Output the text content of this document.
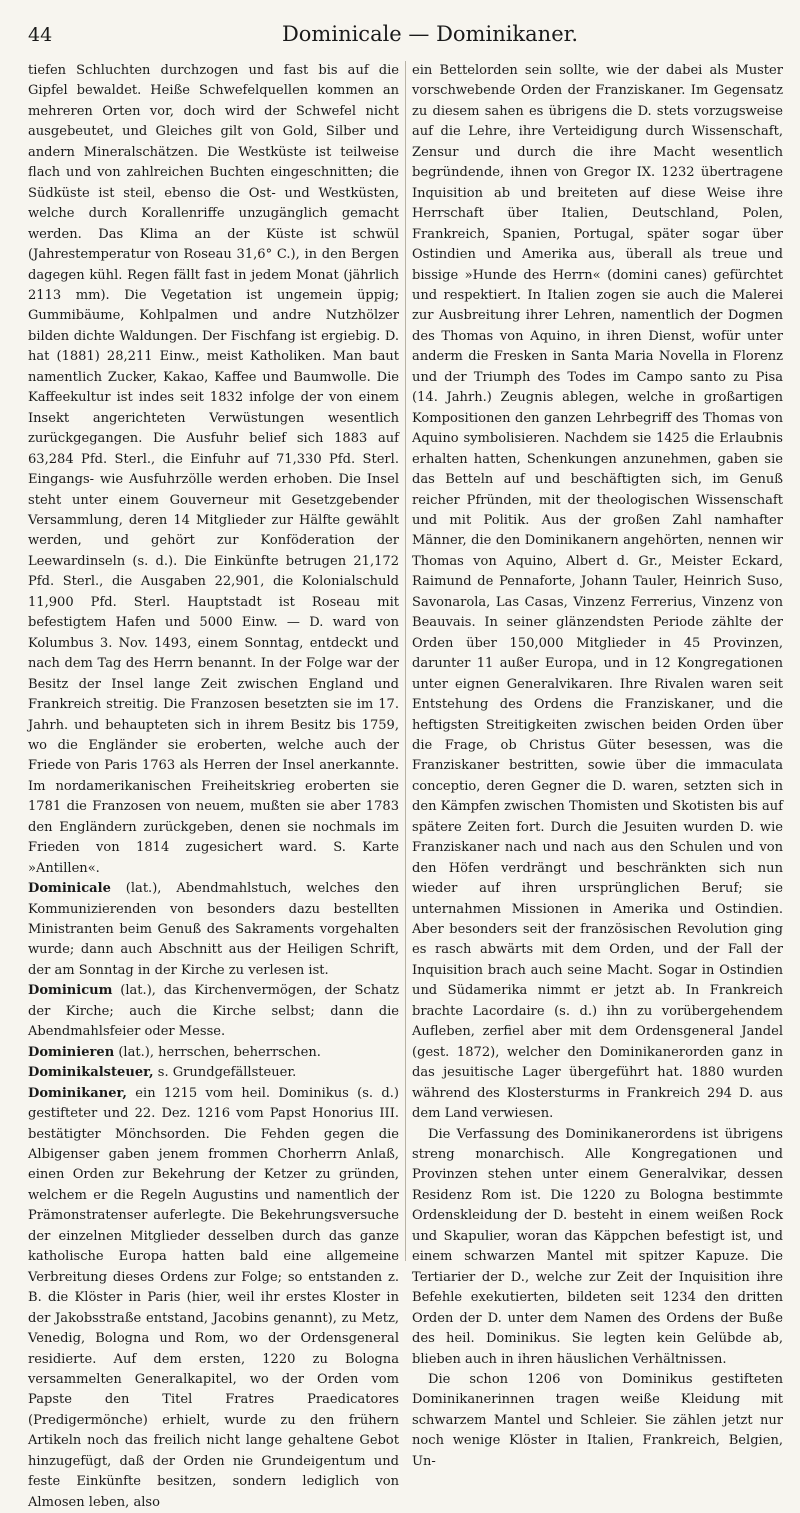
44	Dominicale — Dominikaner.

tiefen Schluchten durchzogen und fast bis auf die Gipfel bewaldet. Heiße Schwefelquellen kommen an mehreren Orten vor, doch wird der Schwefel nicht ausgebeutet, und Gleiches gilt von Gold, Silber und andern Mineralschätzen. Die Westküste ist teilweise flach und von zahlreichen Buchten eingeschnitten; die Südküste ist steil, ebenso die Ost- und Westküsten, welche durch Korallenriffe unzugänglich gemacht werden. Das Klima an der Küste ist schwül (Jahrestemperatur von Roseau 31,6° C.), in den Bergen dagegen kühl. Regen fällt fast in jedem Monat (jährlich 2113 mm). Die Vegetation ist ungemein üppig; Gummibäume, Kohlpalmen und andre Nutzhölzer bilden dichte Waldungen. Der Fischfang ist ergiebig. D. hat (1881) 28,211 Einw., meist Katholiken. Man baut namentlich Zucker, Kakao, Kaffee und Baumwolle. Die Kaffeekultur ist indes seit 1832 infolge der von einem Insekt angerichteten Verwüstungen wesentlich zurückgegangen. Die Ausfuhr belief sich 1883 auf 63,284 Pfd. Sterl., die Einfuhr auf 71,330 Pfd. Sterl. Eingangs- wie Ausfuhrzölle werden erhoben. Die Insel steht unter einem Gouverneur mit Gesetzgebender Versammlung, deren 14 Mitglieder zur Hälfte gewählt werden, und gehört zur Konföderation der Leewardinseln (s. d.). Die Einkünfte betrugen 21,172 Pfd. Sterl., die Ausgaben 22,901, die Kolonialschuld 11,900 Pfd. Sterl. Hauptstadt ist Roseau mit befestigtem Hafen und 5000 Einw. — D. ward von Kolumbus 3. Nov. 1493, einem Sonntag, entdeckt und nach dem Tag des Herrn benannt. In der Folge war der Besitz der Insel lange Zeit zwischen England und Frankreich streitig. Die Franzosen besetzten sie im 17. Jahrh. und behaupteten sich in ihrem Besitz bis 1759, wo die Engländer sie eroberten, welche auch der Friede von Paris 1763 als Herren der Insel anerkannte. Im nordamerikanischen Freiheitskrieg eroberten sie 1781 die Franzosen von neuem, mußten sie aber 1783 den Engländern zurückgeben, denen sie nochmals im Frieden von 1814 zugesichert ward. S. Karte »Antillen«.

Dominicale (lat.), Abendmahlstuch, welches den Kommunizierenden von besonders dazu bestellten Ministranten beim Genuß des Sakraments vorgehalten wurde; dann auch Abschnitt aus der Heiligen Schrift, der am Sonntag in der Kirche zu verlesen ist.

Dominicum (lat.), das Kirchenvermögen, der Schatz der Kirche; auch die Kirche selbst; dann die Abendmahlsfeier oder Messe.

Dominieren (lat.), herrschen, beherrschen.

Dominikalsteuer, s. Grundgefällsteuer.

Dominikaner, ein 1215 vom heil. Dominikus (s. d.) gestifteter und 22. Dez. 1216 vom Papst Honorius III. bestätigter Mönchsorden. Die Fehden gegen die Albigenser gaben jenem frommen Chorherrn Anlaß, einen Orden zur Bekehrung der Ketzer zu gründen, welchem er die Regeln Augustins und namentlich der Prämonstratenser auferlegte. Die Bekehrungsversuche der einzelnen Mitglieder desselben durch das ganze katholische Europa hatten bald eine allgemeine Verbreitung dieses Ordens zur Folge; so entstanden z. B. die Klöster in Paris (hier, weil ihr erstes Kloster in der Jakobsstraße entstand, Jacobins genannt), zu Metz, Venedig, Bologna und Rom, wo der Ordensgeneral residierte. Auf dem ersten, 1220 zu Bologna versammelten Generalkapitel, wo der Orden vom Papste den Titel Fratres Praedicatores (Predigermönche) erhielt, wurde zu den frühern Artikeln noch das freilich nicht lange gehaltene Gebot hinzugefügt, daß der Orden nie Grundeigentum und feste Einkünfte besitzen, sondern lediglich von Almosen leben, also

ein Bettelorden sein sollte, wie der dabei als Muster vorschwebende Orden der Franziskaner. Im Gegensatz zu diesem sahen es übrigens die D. stets vorzugsweise auf die Lehre, ihre Verteidigung durch Wissenschaft, Zensur und durch die ihre Macht wesentlich begründende, ihnen von Gregor IX. 1232 übertragene Inquisition ab und breiteten auf diese Weise ihre Herrschaft über Italien, Deutschland, Polen, Frankreich, Spanien, Portugal, später sogar über Ostindien und Amerika aus, überall als treue und bissige »Hunde des Herrn« (domini canes) gefürchtet und respektiert. In Italien zogen sie auch die Malerei zur Ausbreitung ihrer Lehren, namentlich der Dogmen des Thomas von Aquino, in ihren Dienst, wofür unter anderm die Fresken in Santa Maria Novella in Florenz und der Triumph des Todes im Campo santo zu Pisa (14. Jahrh.) Zeugnis ablegen, welche in großartigen Kompositionen den ganzen Lehrbegriff des Thomas von Aquino symbolisieren. Nachdem sie 1425 die Erlaubnis erhalten hatten, Schenkungen anzunehmen, gaben sie das Betteln auf und beschäftigten sich, im Genuß reicher Pfründen, mit der theologischen Wissenschaft und mit Politik. Aus der großen Zahl namhafter Männer, die den Dominikanern angehörten, nennen wir Thomas von Aquino, Albert d. Gr., Meister Eckard, Raimund de Pennaforte, Johann Tauler, Heinrich Suso, Savonarola, Las Casas, Vinzenz Ferrerius, Vinzenz von Beauvais. In seiner glänzendsten Periode zählte der Orden über 150,000 Mitglieder in 45 Provinzen, darunter 11 außer Europa, und in 12 Kongregationen unter eignen Generalvikaren. Ihre Rivalen waren seit Entstehung des Ordens die Franziskaner, und die heftigsten Streitigkeiten zwischen beiden Orden über die Frage, ob Christus Güter besessen, was die Franziskaner bestritten, sowie über die immaculata conceptio, deren Gegner die D. waren, setzten sich in den Kämpfen zwischen Thomisten und Skotisten bis auf spätere Zeiten fort. Durch die Jesuiten wurden D. wie Franziskaner nach und nach aus den Schulen und von den Höfen verdrängt und beschränkten sich nun wieder auf ihren ursprünglichen Beruf; sie unternahmen Missionen in Amerika und Ostindien. Aber besonders seit der französischen Revolution ging es rasch abwärts mit dem Orden, und der Fall der Inquisition brach auch seine Macht. Sogar in Ostindien und Südamerika nimmt er jetzt ab. In Frankreich brachte Lacordaire (s. d.) ihn zu vorübergehendem Aufleben, zerfiel aber mit dem Ordensgeneral Jandel (gest. 1872), welcher den Dominikanerorden ganz in das jesuitische Lager übergeführt hat. 1880 wurden während des Klostersturms in Frankreich 294 D. aus dem Land verwiesen.

Die Verfassung des Dominikanerordens ist übrigens streng monarchisch. Alle Kongregationen und Provinzen stehen unter einem Generalvikar, dessen Residenz Rom ist. Die 1220 zu Bologna bestimmte Ordenskleidung der D. besteht in einem weißen Rock und Skapulier, woran das Käppchen befestigt ist, und einem schwarzen Mantel mit spitzer Kapuze. Die Tertiarier der D., welche zur Zeit der Inquisition ihre Befehle exekutierten, bildeten seit 1234 den dritten Orden der D. unter dem Namen des Ordens der Buße des heil. Dominikus. Sie legten kein Gelübde ab, blieben auch in ihren häuslichen Verhältnissen.

Die schon 1206 von Dominikus gestifteten Dominikanerinnen tragen weiße Kleidung mit schwarzem Mantel und Schleier. Sie zählen jetzt nur noch wenige Klöster in Italien, Frankreich, Belgien, Un-
